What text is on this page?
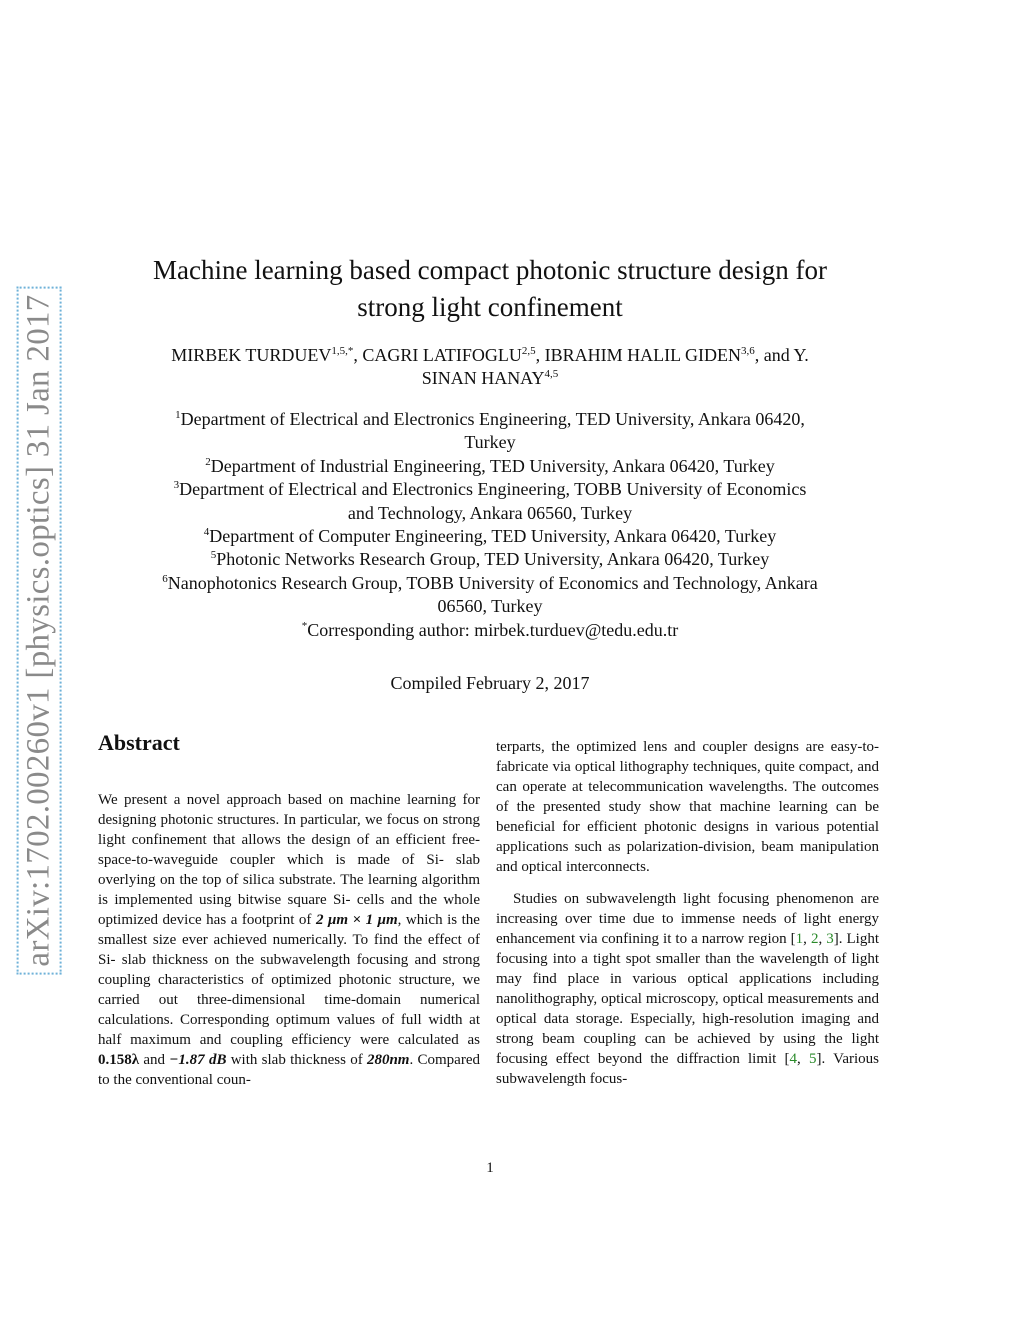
arXiv:1702.00260v1 [physics.optics] 31 Jan 2017
Machine learning based compact photonic structure design for
strong light confinement
MIRBEK $TURDUEV^{1,5,*}$, CAGRI LATIFOGLU$^{2,5}$, IBRAHIM HALIL GIDEN$^{3,6}$, and Y.
SINAN HANAY$^{4,5}$
$^1$Department of Electrical and Electronics Engineering, TED University, Ankara 06420,
Turkey
$^2$Department of Industrial Engineering, TED University, Ankara 06420, Turkey
$^3$Department of Electrical and Electronics Engineering, TOBB University of Economics
and Technology, Ankara 06560, Turkey
$^4$Department of Computer Engineering, TED University, Ankara 06420, Turkey
$^5$Photonic Networks Research Group, TED University, Ankara 06420, Turkey
$^6$Nanophotonics Research Group, TOBB University of Economics and Technology, Ankara
06560, Turkey
*Corresponding author: mirbek.turduev@tedu.edu.tr
Compiled February 2, 2017
Abstract

We present a novel approach based on machine learning for designing photonic structures. In particular, we focus on strong light confinement that allows the design of an efficient free-space-to-waveguide coupler which is made of Si- slab overlying on the top of silica substrate. The learning algorithm is implemented using bitwise square Si- cells and the whole optimized device has a footprint of 2 μm × 1 μm, which is the smallest size ever achieved numerically. To find the effect of Si- slab thickness on the subwavelength focusing and strong coupling characteristics of optimized photonic structure, we carried out three-dimensional time-domain numerical calculations. Corresponding optimum values of full width at half maximum and coupling efficiency were calculated as 0.158λ and −1.87 dB with slab thickness of 280nm. Compared to the conventional coun-

terparts, the optimized lens and coupler designs are easy-to-fabricate via optical lithography techniques, quite compact, and can operate at telecommunication wavelengths. The outcomes of the presented study show that machine learning can be beneficial for efficient photonic designs in various potential applications such as polarization-division, beam manipulation and optical interconnects.

Studies on subwavelength light focusing phenomenon are increasing over time due to immense needs of light energy enhancement via confining it to a narrow region [1, 2, 3]. Light focusing into a tight spot smaller than the wavelength of light may find place in various optical applications including nanolithography, optical microscopy, optical measurements and optical data storage. Especially, high-resolution imaging and strong beam coupling can be achieved by using the light focusing effect beyond the diffraction limit [4, 5]. Various subwavelength focus-

1
